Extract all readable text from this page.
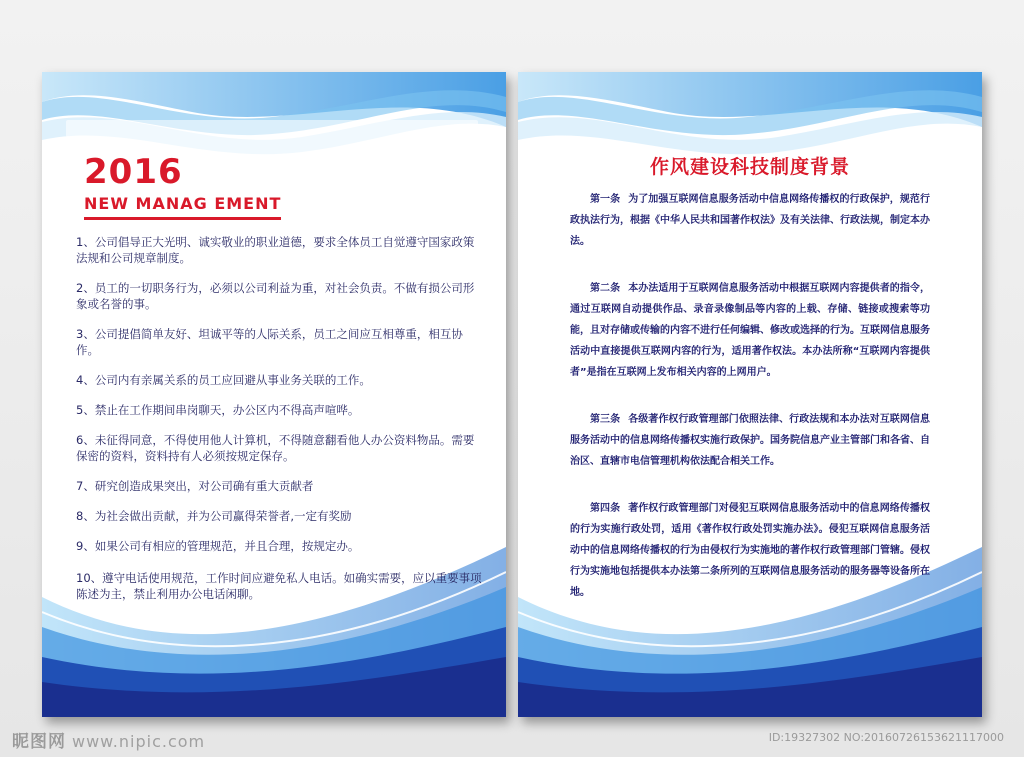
2016
NEW MANAG EMENT
1、公司倡导正大光明、诚实敬业的职业道德，要求全体员工自觉遵守国家政策法规和公司规章制度。
2、员工的一切职务行为，必须以公司利益为重，对社会负责。不做有损公司形象或名誉的事。
3、公司提倡简单友好、坦诚平等的人际关系，员工之间应互相尊重，相互协作。
4、公司内有亲属关系的员工应回避从事业务关联的工作。
5、禁止在工作期间串岗聊天，办公区内不得高声喧哗。
6、未征得同意，不得使用他人计算机，不得随意翻看他人办公资料物品。需要保密的资料，资料持有人必须按规定保存。
7、研究创造成果突出，对公司确有重大贡献者
8、为社会做出贡献，并为公司赢得荣誉者,一定有奖励
9、如果公司有相应的管理规范，并且合理，按规定办。
10、遵守电话使用规范，工作时间应避免私人电话。如确实需要，应以重要事项陈述为主，禁止利用办公电话闲聊。
作风建设科技制度背景

第一条 为了加强互联网信息服务活动中信息网络传播权的行政保护，规范行政执法行为，根据《中华人民共和国著作权法》及有关法律、行政法规，制定本办法。

第二条 本办法适用于互联网信息服务活动中根据互联网内容提供者的指令，通过互联网自动提供作品、录音录像制品等内容的上载、存储、链接或搜索等功能，且对存储或传输的内容不进行任何编辑、修改或选择的行为。互联网信息服务活动中直接提供互联网内容的行为，适用著作权法。本办法所称“互联网内容提供者”是指在互联网上发布相关内容的上网用户。

第三条 各级著作权行政管理部门依照法律、行政法规和本办法对互联网信息服务活动中的信息网络传播权实施行政保护。国务院信息产业主管部门和各省、自治区、直辖市电信管理机构依法配合相关工作。

第四条 著作权行政管理部门对侵犯互联网信息服务活动中的信息网络传播权的行为实施行政处罚，适用《著作权行政处罚实施办法》。侵犯互联网信息服务活动中的信息网络传播权的行为由侵权行为实施地的著作权行政管理部门管辖。侵权行为实施地包括提供本办法第二条所列的互联网信息服务活动的服务器等设备所在地。

昵图网 www.nipic.com	ID:19327302 NO:20160726153621117000
